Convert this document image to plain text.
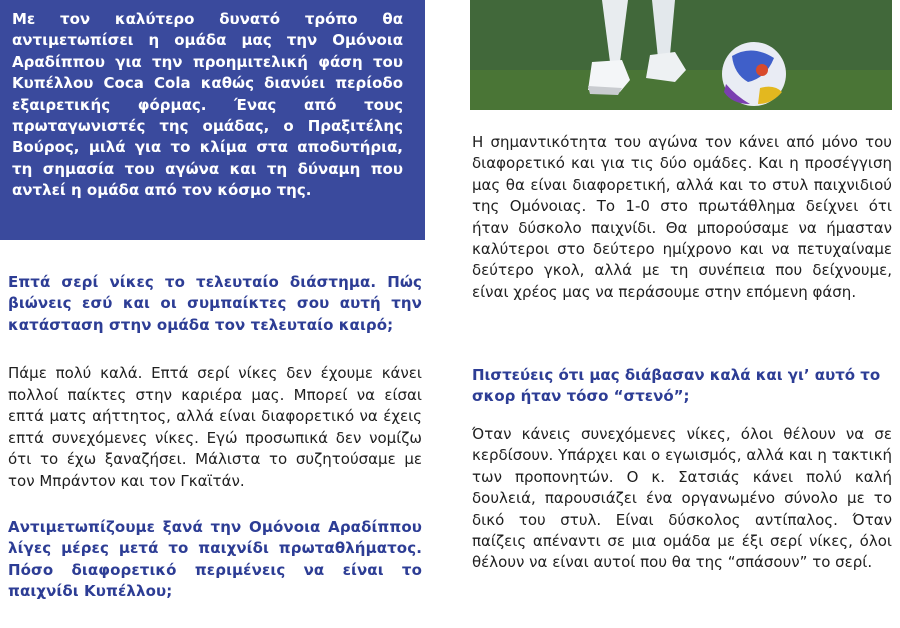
Με τον καλύτερο δυνατό τρόπο θα αντιμετωπίσει η ομάδα μας την Ομόνοια Αραδίππου για την προημιτελική φάση του Κυπέλλου Coca Cola καθώς διανύει περίοδο εξαιρετικής φόρμας. Ένας από τους πρωταγωνιστές της ομάδας, ο Πραξιτέλης Βούρος, μιλά για το κλίμα στα αποδυτήρια, τη σημασία του αγώνα και τη δύναμη που αντλεί η ομάδα από τον κόσμο της.

Επτά σερί νίκες το τελευταίο διάστημα. Πώς βιώνεις εσύ και οι συμπαίκτες σου αυτή την κατάσταση στην ομάδα τον τελευταίο καιρό;

Πάμε πολύ καλά. Επτά σερί νίκες δεν έχουμε κάνει πολλοί παίκτες στην καριέρα μας. Μπορεί να είσαι επτά ματς αήττητος, αλλά είναι διαφορετικό να έχεις επτά συνεχόμενες νίκες. Εγώ προσωπικά δεν νομίζω ότι το έχω ξαναζήσει. Μάλιστα το συζητούσαμε με τον Μπράντον και τον Γκαϊτάν.

Αντιμετωπίζουμε ξανά την Ομόνοια Αραδίππου λίγες μέρες μετά το παιχνίδι πρωταθλήματος. Πόσο διαφορετικό περιμένεις να είναι το παιχνίδι Κυπέλλου;

Η σημαντικότητα του αγώνα τον κάνει από μόνο του διαφορετικό και για τις δύο ομάδες. Και η προσέγγιση μας θα είναι διαφορετική, αλλά και το στυλ παιχνιδιού της Ομόνοιας. Το 1-0 στο πρωτάθλημα δείχνει ότι ήταν δύσκολο παιχνίδι. Θα μπορούσαμε να ήμασταν καλύτεροι στο δεύτερο ημίχρονο και να πετυχαίναμε δεύτερο γκολ, αλλά με τη συνέπεια που δείχνουμε, είναι χρέος μας να περάσουμε στην επόμενη φάση.

Πιστεύεις ότι μας διάβασαν καλά και γι’ αυτό το σκορ ήταν τόσο “στενό”;

Όταν κάνεις συνεχόμενες νίκες, όλοι θέλουν να σε κερδίσουν. Υπάρχει και ο εγωισμός, αλλά και η τακτική των προπονητών. Ο κ. Σατσιάς κάνει πολύ καλή δουλειά, παρουσιάζει ένα οργανωμένο σύνολο με το δικό του στυλ. Είναι δύσκολος αντίπαλος. Όταν παίζεις απέναντι σε μια ομάδα με έξι σερί νίκες, όλοι θέλουν να είναι αυτοί που θα της “σπάσουν” το σερί.
